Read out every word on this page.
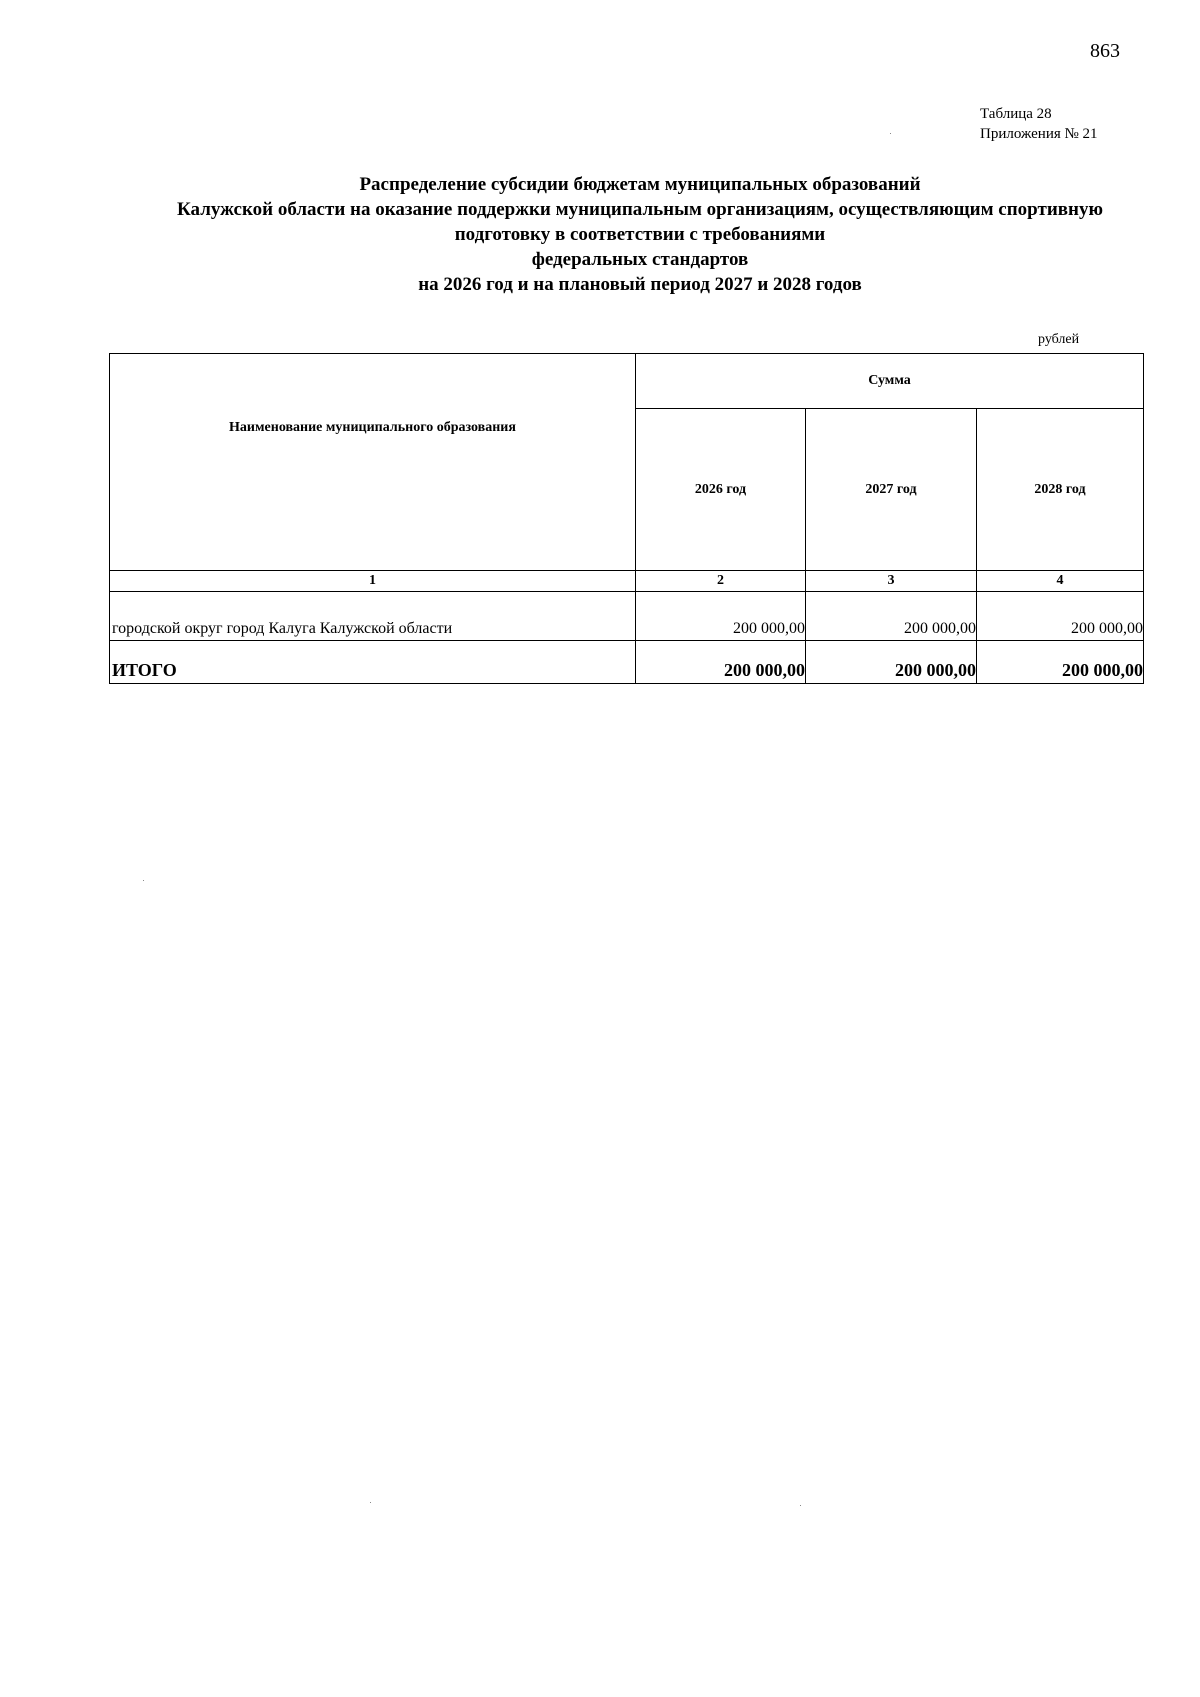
863
Таблица 28
Приложения № 21
Распределение субсидии бюджетам муниципальных образований
Калужской области на оказание поддержки муниципальным организациям, осуществляющим спортивную
подготовку в соответствии с требованиями
федеральных стандартов
на 2026 год и на плановый период 2027 и 2028 годов
рублей
Наименование муниципального образования	Сумма		
	2026 год	2027 год	2028 год
1	2	3	4
городской округ город Калуга Калужской области	200 000,00	200 000,00	200 000,00
ИТОГО	200 000,00	200 000,00	200 000,00
